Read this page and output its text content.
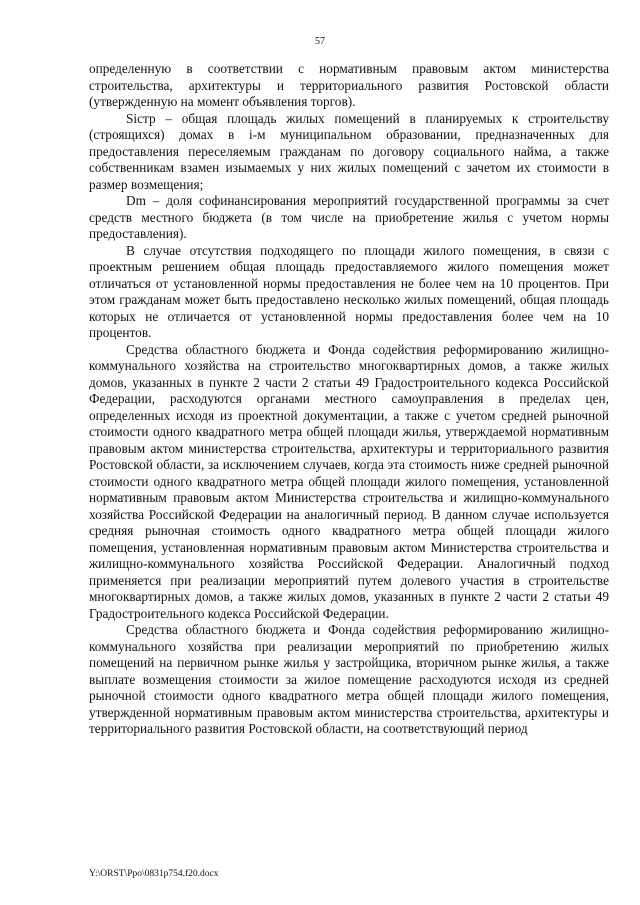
57

определенную в соответствии с нормативным правовым актом министерства строительства, архитектуры и территориального развития Ростовской области (утвержденную на момент объявления торгов).

Sіcтр – общая площадь жилых помещений в планируемых к строительству (строящихся) домах в і-м муниципальном образовании, предназначенных для предоставления переселяемым гражданам по договору социального найма, а также собственникам взамен изымаемых у них жилых помещений с зачетом их стоимости в размер возмещения;

Dm – доля софинансирования мероприятий государственной программы за счет средств местного бюджета (в том числе на приобретение жилья с учетом нормы предоставления).

В случае отсутствия подходящего по площади жилого помещения, в связи с проектным решением общая площадь предоставляемого жилого помещения может отличаться от установленной нормы предоставления не более чем на 10 процентов. При этом гражданам может быть предоставлено несколько жилых помещений, общая площадь которых не отличается от установленной нормы предоставления более чем на 10 процентов.

Средства областного бюджета и Фонда содействия реформированию жилищно-коммунального хозяйства на строительство многоквартирных домов, а также жилых домов, указанных в пункте 2 части 2 статьи 49 Градостроительного кодекса Российской Федерации, расходуются органами местного самоуправления в пределах цен, определенных исходя из проектной документации, а также с учетом средней рыночной стоимости одного квадратного метра общей площади жилья, утверждаемой нормативным правовым актом министерства строительства, архитектуры и территориального развития Ростовской области, за исключением случаев, когда эта стоимость ниже средней рыночной стоимости одного квадратного метра общей площади жилого помещения, установленной нормативным правовым актом Министерства строительства и жилищно-коммунального хозяйства Российской Федерации на аналогичный период. В данном случае используется средняя рыночная стоимость одного квадратного метра общей площади жилого помещения, установленная нормативным правовым актом Министерства строительства и жилищно-коммунального хозяйства Российской Федерации. Аналогичный подход применяется при реализации мероприятий путем долевого участия в строительстве многоквартирных домов, а также жилых домов, указанных в пункте 2 части 2 статьи 49 Градостроительного кодекса Российской Федерации.

Средства областного бюджета и Фонда содействия реформированию жилищно-коммунального хозяйства при реализации мероприятий по приобретению жилых помещений на первичном рынке жилья у застройщика, вторичном рынке жилья, а также выплате возмещения стоимости за жилое помещение расходуются исходя из средней рыночной стоимости одного квадратного метра общей площади жилого помещения, утвержденной нормативным правовым актом министерства строительства, архитектуры и территориального развития Ростовской области, на соответствующий период

Y:\ORST\Ppo\0831p754.f20.docx
